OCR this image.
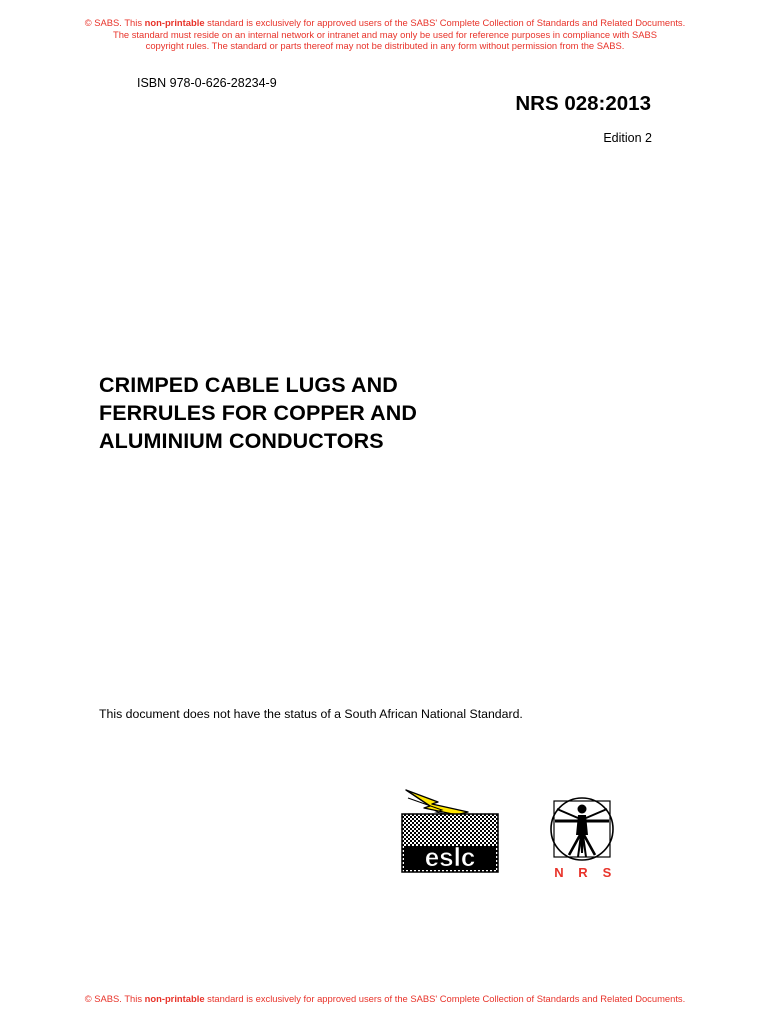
© SABS. This non-printable standard is exclusively for approved users of the SABS' Complete Collection of Standards and Related Documents.
The standard must reside on an internal network or intranet and may only be used for reference purposes in compliance with SABS
copyright rules. The standard or parts thereof may not be distributed in any form without permission from the SABS.
ISBN 978-0-626-28234-9
NRS 028:2013
Edition 2
CRIMPED CABLE LUGS AND
FERRULES FOR COPPER AND
ALUMINIUM CONDUCTORS
This document does not have the status of a South African National Standard.
eslc
N R S
© SABS. This non-printable standard is exclusively for approved users of the SABS' Complete Collection of Standards and Related Documents.
